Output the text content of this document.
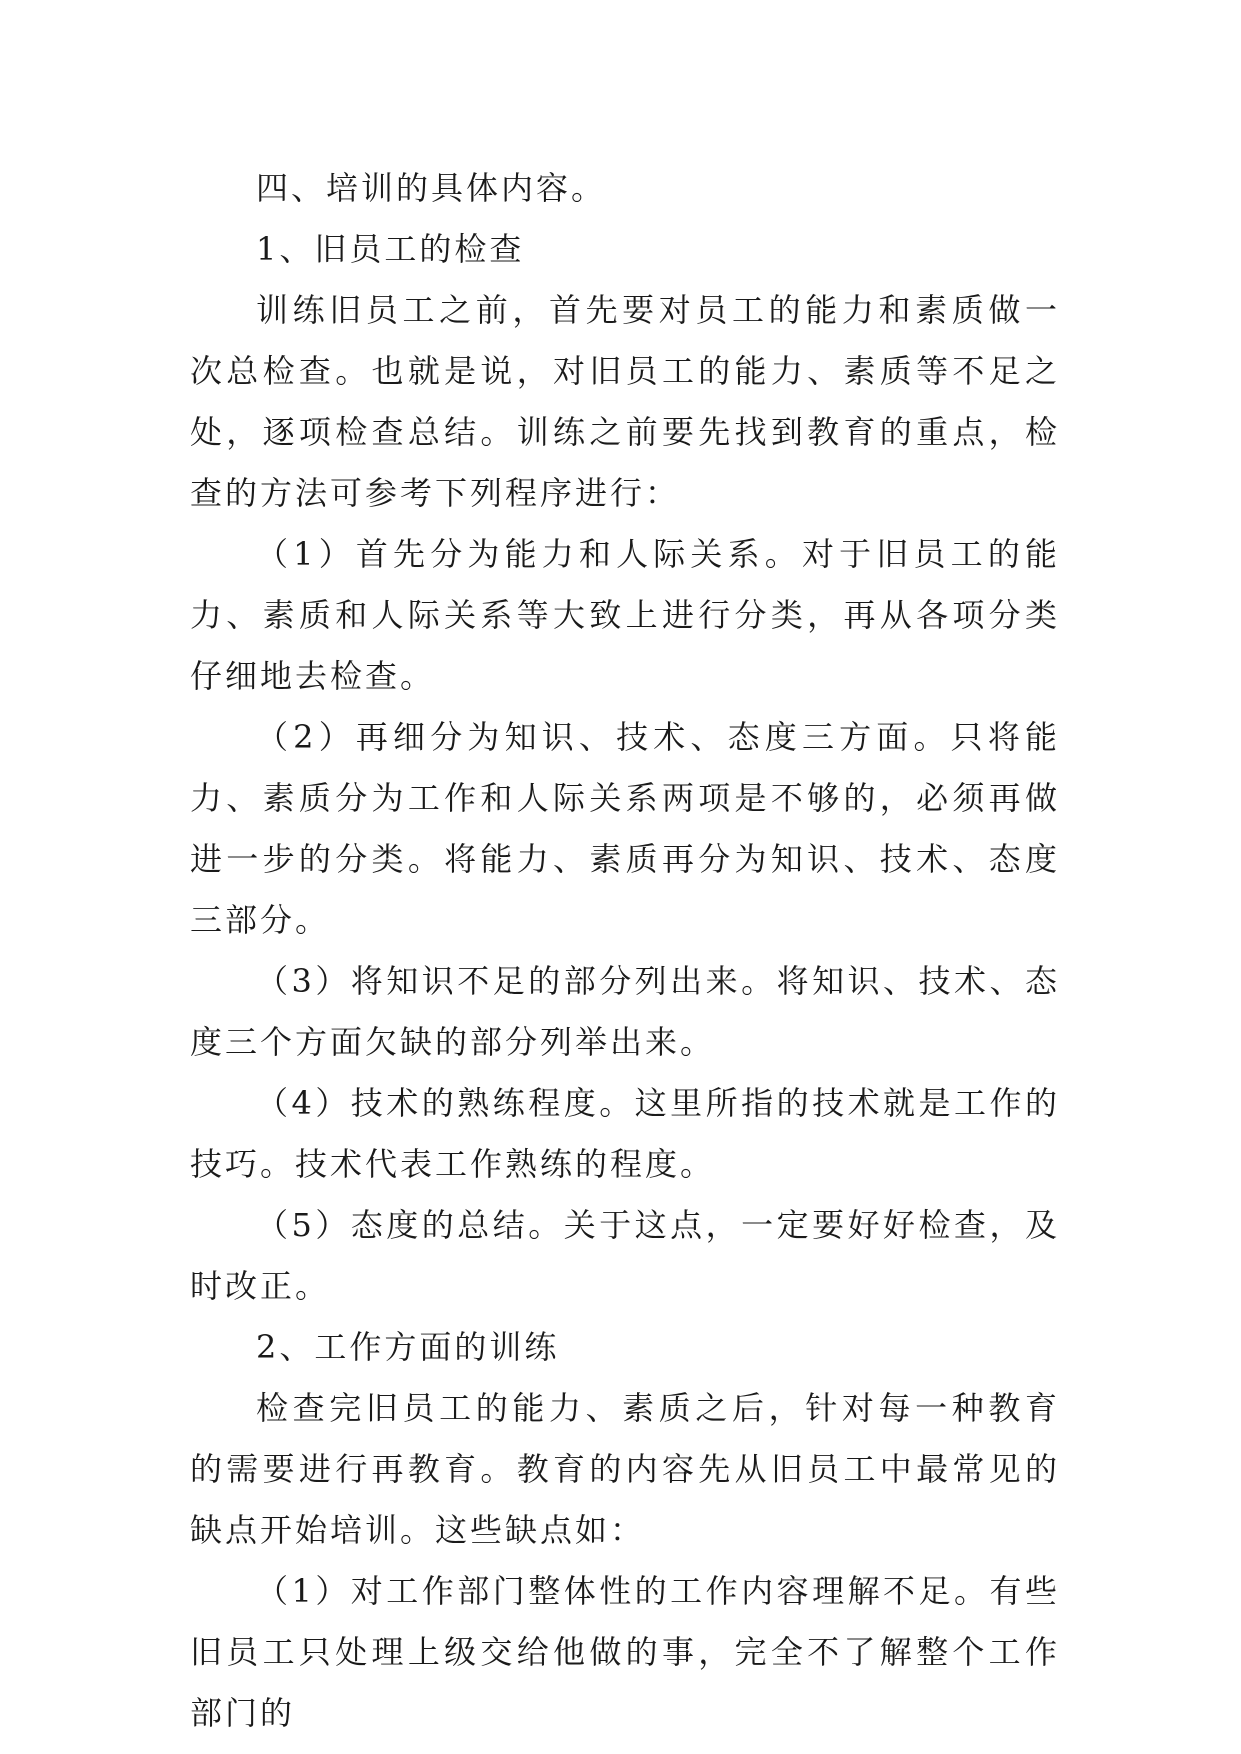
四、培训的具体内容。

1、旧员工的检查

训练旧员工之前，首先要对员工的能力和素质做一次总检查。也就是说，对旧员工的能力、素质等不足之处，逐项检查总结。训练之前要先找到教育的重点，检查的方法可参考下列程序进行：

（1）首先分为能力和人际关系。对于旧员工的能力、素质和人际关系等大致上进行分类，再从各项分类仔细地去检查。

（2）再细分为知识、技术、态度三方面。只将能力、素质分为工作和人际关系两项是不够的，必须再做进一步的分类。将能力、素质再分为知识、技术、态度三部分。

（3）将知识不足的部分列出来。将知识、技术、态度三个方面欠缺的部分列举出来。

（4）技术的熟练程度。这里所指的技术就是工作的技巧。技术代表工作熟练的程度。

（5）态度的总结。关于这点，一定要好好检查，及时改正。

2、工作方面的训练

检查完旧员工的能力、素质之后，针对每一种教育的需要进行再教育。教育的内容先从旧员工中最常见的缺点开始培训。这些缺点如：

（1）对工作部门整体性的工作内容理解不足。有些旧员工只处理上级交给他做的事，完全不了解整个工作部门的
